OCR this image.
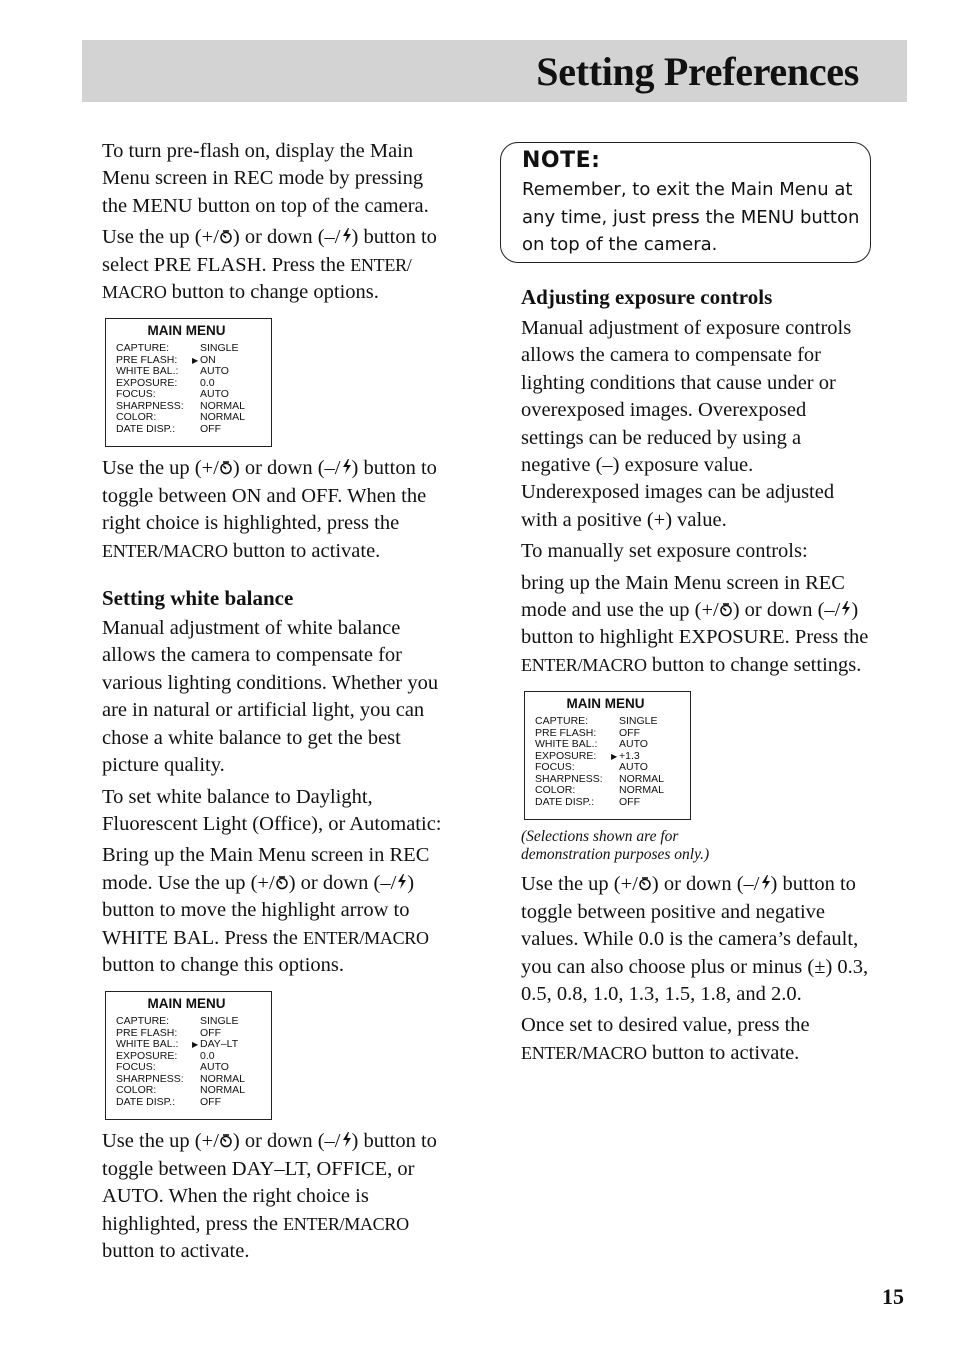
Setting Preferences

To turn pre-flash on, display the Main Menu screen in REC mode by pressing the MENU button on top of the camera.

Use the up (+/ ) or down (–/ ) button to select PRE FLASH. Press the ENTER/ MACRO button to change options.

MAIN MENU
CAPTURE:	SINGLE
PRE FLASH:	▶ ON
WHITE BAL.:	AUTO
EXPOSURE:	0.0
FOCUS:	AUTO
SHARPNESS:	NORMAL
COLOR:	NORMAL
DATE DISP.:	OFF

Use the up (+/ ) or down (–/ ) button to toggle between ON and OFF. When the right choice is highlighted, press the ENTER/MACRO button to activate.

Setting white balance

Manual adjustment of white balance allows the camera to compensate for various lighting conditions. Whether you are in natural or artificial light, you can chose a white balance to get the best picture quality.

To set white balance to Daylight, Fluorescent Light (Office), or Automatic:

Bring up the Main Menu screen in REC mode. Use the up (+/ ) or down (–/ ) button to move the highlight arrow to WHITE BAL. Press the ENTER/MACRO button to change this options.

MAIN MENU
CAPTURE:	SINGLE
PRE FLASH:	OFF
WHITE BAL.:	▶ DAY–LT
EXPOSURE:	0.0
FOCUS:	AUTO
SHARPNESS:	NORMAL
COLOR:	NORMAL
DATE DISP.:	OFF

Use the up (+/ ) or down (–/ ) button to toggle between DAY–LT, OFFICE, or AUTO. When the right choice is highlighted, press the ENTER/MACRO button to activate.

NOTE:

Remember, to exit the Main Menu at any time, just press the MENU button on top of the camera.

Adjusting exposure controls

Manual adjustment of exposure controls allows the camera to compensate for lighting conditions that cause under or overexposed images. Overexposed settings can be reduced by using a negative (–) exposure value. Underexposed images can be adjusted with a positive (+) value.

To manually set exposure controls:

bring up the Main Menu screen in REC mode and use the up (+/ ) or down (–/ ) button to highlight EXPOSURE. Press the ENTER/MACRO button to change settings.

MAIN MENU
CAPTURE:	SINGLE
PRE FLASH:	OFF
WHITE BAL.:	AUTO
EXPOSURE:	▶ +1.3
FOCUS:	AUTO
SHARPNESS:	NORMAL
COLOR:	NORMAL
DATE DISP.:	OFF

(Selections shown are for demonstration purposes only.)

Use the up (+/ ) or down (–/ ) button to toggle between positive and negative values. While 0.0 is the camera’s default, you can also choose plus or minus (±) 0.3, 0.5, 0.8, 1.0, 1.3, 1.5, 1.8, and 2.0.

Once set to desired value, press the ENTER/MACRO button to activate.

15
